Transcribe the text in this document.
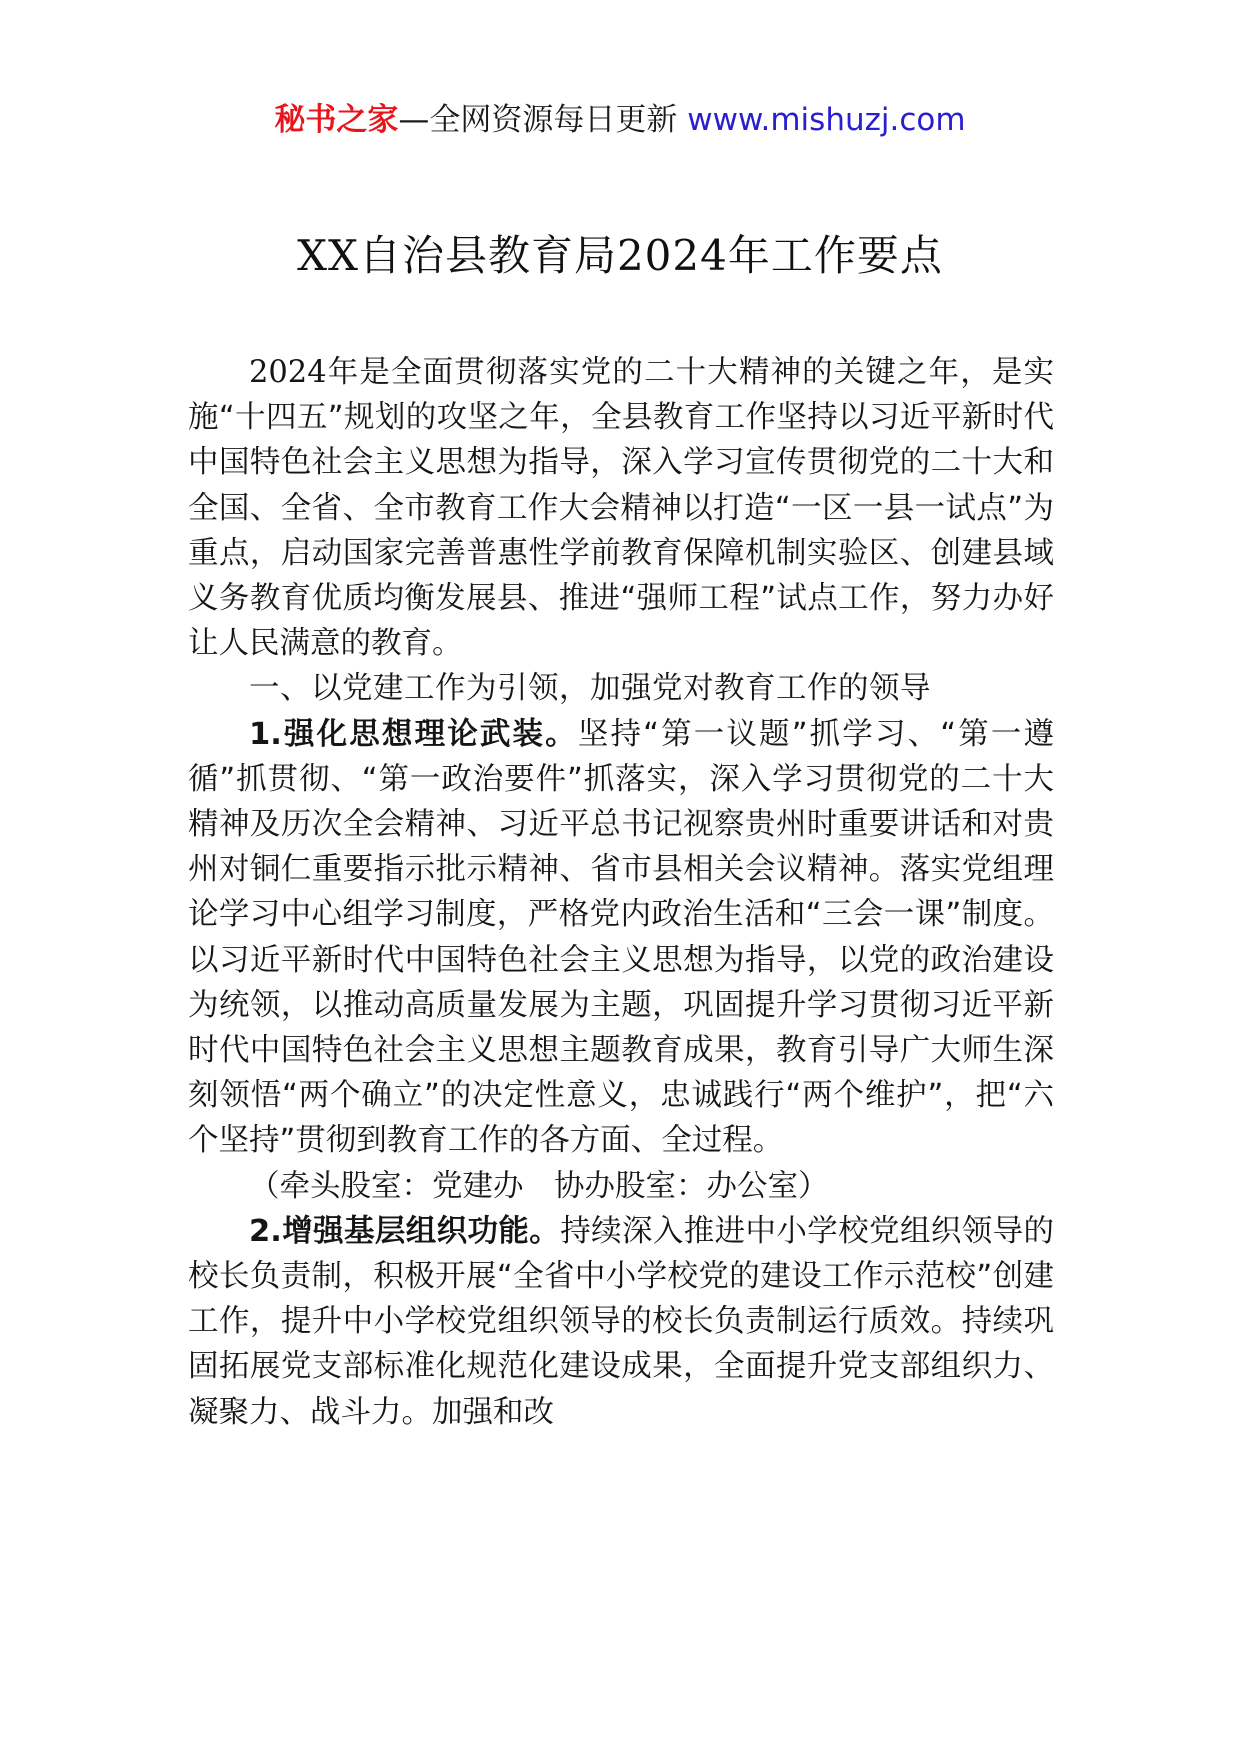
秘书之家—全网资源每日更新 www.mishuzj.com
XX自治县教育局2024年工作要点

2024年是全面贯彻落实党的二十大精神的关键之年，是实施“十四五”规划的攻坚之年，全县教育工作坚持以习近平新时代中国特色社会主义思想为指导，深入学习宣传贯彻党的二十大和全国、全省、全市教育工作大会精神以打造“一区一县一试点”为重点，启动国家完善普惠性学前教育保障机制实验区、创建县域义务教育优质均衡发展县、推进“强师工程”试点工作，努力办好让人民满意的教育。

一、以党建工作为引领，加强党对教育工作的领导

1.强化思想理论武装。坚持“第一议题”抓学习、“第一遵循”抓贯彻、“第一政治要件”抓落实，深入学习贯彻党的二十大精神及历次全会精神、习近平总书记视察贵州时重要讲话和对贵州对铜仁重要指示批示精神、省市县相关会议精神。落实党组理论学习中心组学习制度，严格党内政治生活和“三会一课”制度。以习近平新时代中国特色社会主义思想为指导，以党的政治建设为统领，以推动高质量发展为主题，巩固提升学习贯彻习近平新时代中国特色社会主义思想主题教育成果，教育引导广大师生深刻领悟“两个确立”的决定性意义，忠诚践行“两个维护”，把“六个坚持”贯彻到教育工作的各方面、全过程。

（牵头股室：党建办　协办股室：办公室）

2.增强基层组织功能。持续深入推进中小学校党组织领导的校长负责制，积极开展“全省中小学校党的建设工作示范校”创建工作，提升中小学校党组织领导的校长负责制运行质效。持续巩固拓展党支部标准化规范化建设成果，全面提升党支部组织力、凝聚力、战斗力。加强和改
